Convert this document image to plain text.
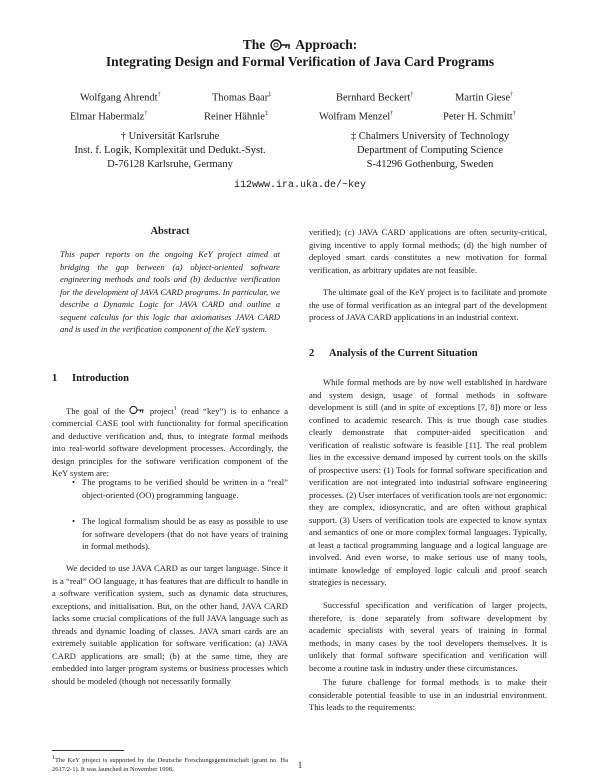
The Approach:
Integrating Design and Formal Verification of Java Card Programs
Wolfgang Ahrendt†	Thomas Baar‡	Bernhard Beckert†	Martin Giese†
Elmar Habermalz†	Reiner Hähnle‡	Wolfram Menzel†	Peter H. Schmitt†
† Universität Karlsruhe
Inst. f. Logik, Komplexität und Dedukt.-Syst.
D-76128 Karlsruhe, Germany
‡ Chalmers University of Technology
Department of Computing Science
S-41296 Gothenburg, Sweden
i12www.ira.uka.de/~key
Abstract
This paper reports on the ongoing KeY project aimed at bridging the gap between (a) object-oriented software engineering methods and tools and (b) deductive verification for the development of JAVA CARD programs. In particular, we describe a Dynamic Logic for JAVA CARD and outline a sequent calculus for this logic that axiomatises JAVA CARD and is used in the verification component of the KeY system.
1 Introduction
The goal of the	project$^1$ (read “key”) is to enhance a commercial CASE tool with functionality for formal specification and deductive verification and, thus, to integrate formal methods into real-world software development processes. Accordingly, the design principles for the software verification component of the KeY system are:
• The programs to be verified should be written in a “real” object-oriented (OO) programming language.
• The logical formalism should be as easy as possible to use for software developers (that do not have years of training in formal methods).
We decided to use JAVA CARD as our target language. Since it is a “real” OO language, it has features that are difficult to handle in a software verification system, such as dynamic data structures, exceptions, and initialisation. But, on the other hand, JAVA CARD lacks some crucial complications of the full JAVA language such as threads and dynamic loading of classes. JAVA smart cards are an extremely suitable application for software verification: (a) JAVA CARD applications are small; (b) at the same time, they are embedded into larger program systems or business processes which should be modeled (though not necessarily formally
$^1$The KeY project is supported by the Deutsche Forschungsgemeinschaft (grant no. Ha 2617/2-1). It was launched in November 1998.
verified); (c) JAVA CARD applications are often security-critical, giving incentive to apply formal methods; (d) the high number of deployed smart cards constitutes a new motivation for formal verification, as arbitrary updates are not feasible.
The ultimate goal of the KeY project is to facilitate and promote the use of formal verification as an integral part of the development process of JAVA CARD applications in an industrial context.
2 Analysis of the Current Situation
While formal methods are by now well established in hardware and system design, usage of formal methods in software development is still (and in spite of exceptions [7, 8]) more or less confined to academic research. This is true though case studies clearly demonstrate that computer-aided specification and verification of realistic software is feasible [11]. The real problem lies in the excessive demand imposed by current tools on the skills of prospective users: (1) Tools for formal software specification and verification are not integrated into industrial software engineering processes. (2) User interfaces of verification tools are not ergonomic: they are complex, idiosyncratic, and are often without graphical support. (3) Users of verification tools are expected to know syntax and semantics of one or more complex formal languages. Typically, at least a tactical programming language and a logical language are involved. And even worse, to make serious use of many tools, intimate knowledge of employed logic calculi and proof search strategies is necessary.
Successful specification and verification of larger projects, therefore, is done separately from software development by academic specialists with several years of training in formal methods, in many cases by the tool developers themselves. It is unlikely that formal software specification and verification will become a routine task in industry under these circumstances.
The future challenge for formal methods is to make their considerable potential feasible to use in an industrial environment. This leads to the requirements:
1
